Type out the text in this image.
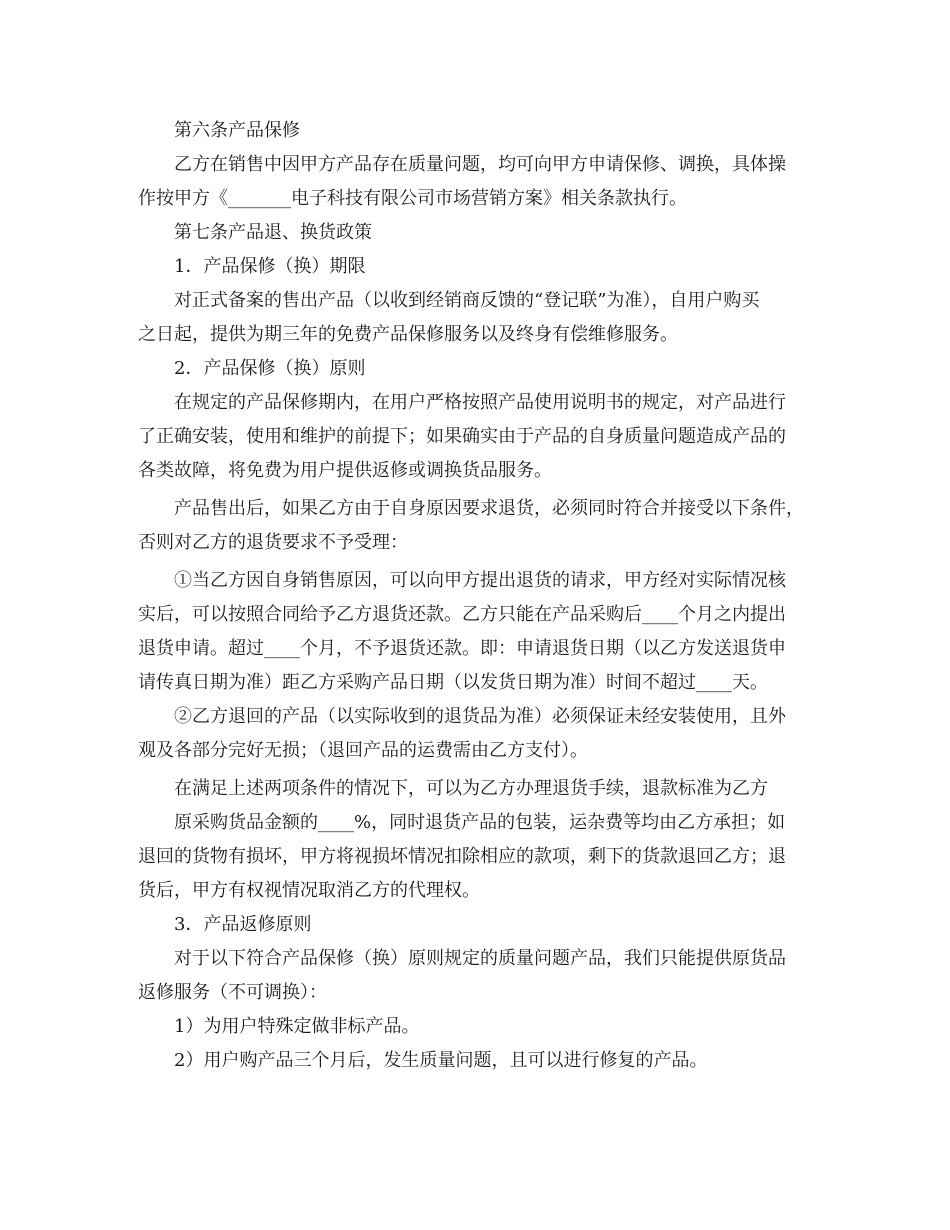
第六条产品保修

乙方在销售中因甲方产品存在质量问题，均可向甲方申请保修、调换，具体操

作按甲方《_______电子科技有限公司市场营销方案》相关条款执行。

第七条产品退、换货政策

1．产品保修（换）期限

对正式备案的售出产品（以收到经销商反馈的“登记联”为准），自用户购买

之日起，提供为期三年的免费产品保修服务以及终身有偿维修服务。

2．产品保修（换）原则

在规定的产品保修期内，在用户严格按照产品使用说明书的规定，对产品进行

了正确安装，使用和维护的前提下；如果确实由于产品的自身质量问题造成产品的

各类故障，将免费为用户提供返修或调换货品服务。

产品售出后，如果乙方由于自身原因要求退货，必须同时符合并接受以下条件，

否则对乙方的退货要求不予受理：

①当乙方因自身销售原因，可以向甲方提出退货的请求，甲方经对实际情况核

实后，可以按照合同给予乙方退货还款。乙方只能在产品采购后____个月之内提出

退货申请。超过____个月，不予退货还款。即：申请退货日期（以乙方发送退货申

请传真日期为准）距乙方采购产品日期（以发货日期为准）时间不超过____天。

②乙方退回的产品（以实际收到的退货品为准）必须保证未经安装使用，且外

观及各部分完好无损；（退回产品的运费需由乙方支付）。

在满足上述两项条件的情况下，可以为乙方办理退货手续，退款标准为乙方

原采购货品金额的____%，同时退货产品的包装，运杂费等均由乙方承担；如

退回的货物有损坏，甲方将视损坏情况扣除相应的款项，剩下的货款退回乙方；退

货后，甲方有权视情况取消乙方的代理权。

3．产品返修原则

对于以下符合产品保修（换）原则规定的质量问题产品，我们只能提供原货品

返修服务（不可调换）：

1）为用户特殊定做非标产品。

2）用户购产品三个月后，发生质量问题，且可以进行修复的产品。
